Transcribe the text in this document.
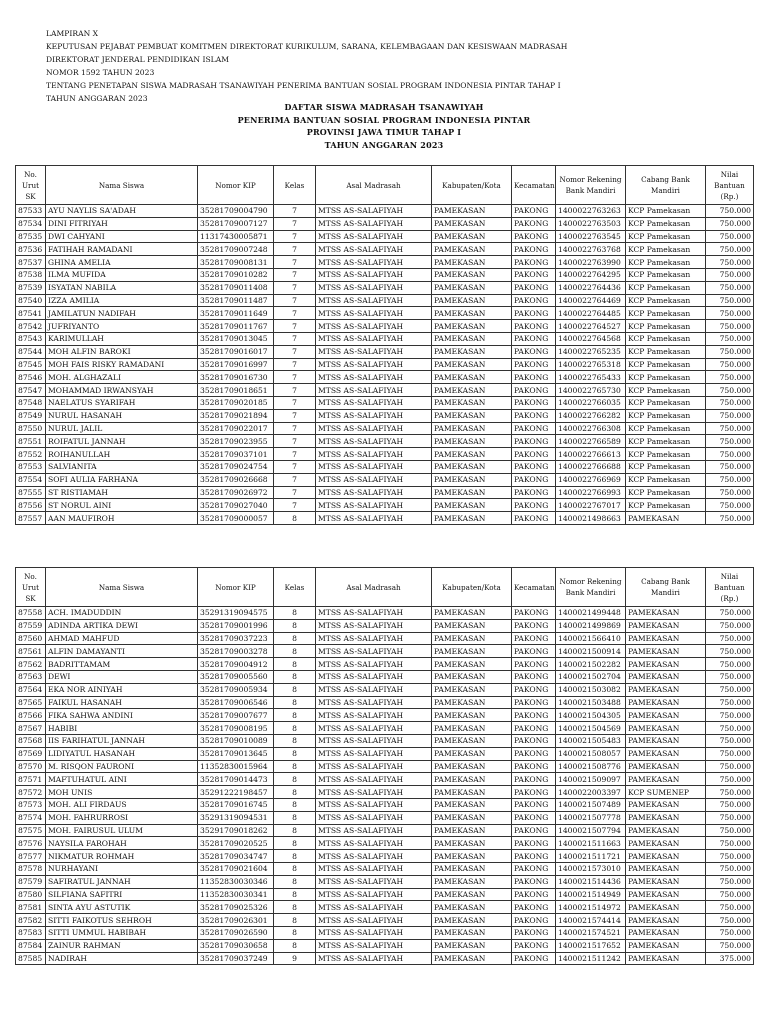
LAMPIRAN X
KEPUTUSAN PEJABAT PEMBUAT KOMITMEN DIREKTORAT KURIKULUM, SARANA, KELEMBAGAAN DAN KESISWAAN MADRASAH
DIREKTORAT JENDERAL PENDIDIKAN ISLAM
NOMOR 1592 TAHUN 2023
TENTANG PENETAPAN SISWA MADRASAH TSANAWIYAH PENERIMA BANTUAN SOSIAL PROGRAM INDONESIA PINTAR TAHAP I
TAHUN ANGGARAN 2023
DAFTAR SISWA MADRASAH TSANAWIYAH
PENERIMA BANTUAN SOSIAL PROGRAM INDONESIA PINTAR
PROVINSI JAWA TIMUR TAHAP I
TAHUN ANGGARAN 2023
No. Urut SK	Nama Siswa	Nomor KIP	Kelas	Asal Madrasah	Kabupaten/Kota	Kecamatan	Nomor Rekening Bank Mandiri	Cabang Bank Mandiri	Nilai Bantuan (Rp.)
87533	AYU NAYLIS SA'ADAH	35281709004790	7	MTSS AS-SALAFIYAH	PAMEKASAN	PAKONG	1400022763263	KCP Pamekasan	750.000
87534	DINI FITRIYAH	35281709007127	7	MTSS AS-SALAFIYAH	PAMEKASAN	PAKONG	1400022763503	KCP Pamekasan	750.000
87535	DWI CAHYANI	11317430005871	7	MTSS AS-SALAFIYAH	PAMEKASAN	PAKONG	1400022763545	KCP Pamekasan	750.000
87536	FATIHAH RAMADANI	35281709007248	7	MTSS AS-SALAFIYAH	PAMEKASAN	PAKONG	1400022763768	KCP Pamekasan	750.000
87537	GHINA AMELIA	35281709008131	7	MTSS AS-SALAFIYAH	PAMEKASAN	PAKONG	1400022763990	KCP Pamekasan	750.000
87538	ILMA MUFIDA	35281709010282	7	MTSS AS-SALAFIYAH	PAMEKASAN	PAKONG	1400022764295	KCP Pamekasan	750.000
87539	ISYATAN NABILA	35281709011408	7	MTSS AS-SALAFIYAH	PAMEKASAN	PAKONG	1400022764436	KCP Pamekasan	750.000
87540	IZZA AMILIA	35281709011487	7	MTSS AS-SALAFIYAH	PAMEKASAN	PAKONG	1400022764469	KCP Pamekasan	750.000
87541	JAMILATUN NADIFAH	35281709011649	7	MTSS AS-SALAFIYAH	PAMEKASAN	PAKONG	1400022764485	KCP Pamekasan	750.000
87542	JUFRIYANTO	35281709011767	7	MTSS AS-SALAFIYAH	PAMEKASAN	PAKONG	1400022764527	KCP Pamekasan	750.000
87543	KARIMULLAH	35281709013045	7	MTSS AS-SALAFIYAH	PAMEKASAN	PAKONG	1400022764568	KCP Pamekasan	750.000
87544	MOH ALFIN BAROKI	35281709016017	7	MTSS AS-SALAFIYAH	PAMEKASAN	PAKONG	1400022765235	KCP Pamekasan	750.000
87545	MOH FAIS RISKY RAMADANI	35281709016997	7	MTSS AS-SALAFIYAH	PAMEKASAN	PAKONG	1400022765318	KCP Pamekasan	750.000
87546	MOH. ALGHAZALI	35281709016730	7	MTSS AS-SALAFIYAH	PAMEKASAN	PAKONG	1400022765433	KCP Pamekasan	750.000
87547	MOHAMMAD IRWANSYAH	35281709018651	7	MTSS AS-SALAFIYAH	PAMEKASAN	PAKONG	1400022765730	KCP Pamekasan	750.000
87548	NAELATUS SYARIFAH	35281709020185	7	MTSS AS-SALAFIYAH	PAMEKASAN	PAKONG	1400022766035	KCP Pamekasan	750.000
87549	NURUL HASANAH	35281709021894	7	MTSS AS-SALAFIYAH	PAMEKASAN	PAKONG	1400022766282	KCP Pamekasan	750.000
87550	NURUL JALIL	35281709022017	7	MTSS AS-SALAFIYAH	PAMEKASAN	PAKONG	1400022766308	KCP Pamekasan	750.000
87551	ROIFATUL JANNAH	35281709023955	7	MTSS AS-SALAFIYAH	PAMEKASAN	PAKONG	1400022766589	KCP Pamekasan	750.000
87552	ROIHANULLAH	35281709037101	7	MTSS AS-SALAFIYAH	PAMEKASAN	PAKONG	1400022766613	KCP Pamekasan	750.000
87553	SALVIANITA	35281709024754	7	MTSS AS-SALAFIYAH	PAMEKASAN	PAKONG	1400022766688	KCP Pamekasan	750.000
87554	SOFI AULIA FARHANA	35281709026668	7	MTSS AS-SALAFIYAH	PAMEKASAN	PAKONG	1400022766969	KCP Pamekasan	750.000
87555	ST RISTIAMAH	35281709026972	7	MTSS AS-SALAFIYAH	PAMEKASAN	PAKONG	1400022766993	KCP Pamekasan	750.000
87556	ST NORUL AINI	35281709027040	7	MTSS AS-SALAFIYAH	PAMEKASAN	PAKONG	1400022767017	KCP Pamekasan	750.000
87557	AAN MAUFIROH	35281709000057	8	MTSS AS-SALAFIYAH	PAMEKASAN	PAKONG	1400021498663	PAMEKASAN	750.000
No. Urut SK	Nama Siswa	Nomor KIP	Kelas	Asal Madrasah	Kabupaten/Kota	Kecamatan	Nomor Rekening Bank Mandiri	Cabang Bank Mandiri	Nilai Bantuan (Rp.)
87558	ACH. IMADUDDIN	35291319094575	8	MTSS AS-SALAFIYAH	PAMEKASAN	PAKONG	1400021499448	PAMEKASAN	750.000
87559	ADINDA ARTIKA DEWI	35281709001996	8	MTSS AS-SALAFIYAH	PAMEKASAN	PAKONG	1400021499869	PAMEKASAN	750.000
87560	AHMAD MAHFUD	35281709037223	8	MTSS AS-SALAFIYAH	PAMEKASAN	PAKONG	1400021566410	PAMEKASAN	750.000
87561	ALFIN DAMAYANTI	35281709003278	8	MTSS AS-SALAFIYAH	PAMEKASAN	PAKONG	1400021500914	PAMEKASAN	750.000
87562	BADRITTAMAM	35281709004912	8	MTSS AS-SALAFIYAH	PAMEKASAN	PAKONG	1400021502282	PAMEKASAN	750.000
87563	DEWI	35281709005560	8	MTSS AS-SALAFIYAH	PAMEKASAN	PAKONG	1400021502704	PAMEKASAN	750.000
87564	EKA NOR AINIYAH	35281709005934	8	MTSS AS-SALAFIYAH	PAMEKASAN	PAKONG	1400021503082	PAMEKASAN	750.000
87565	FAIKUL HASANAH	35281709006546	8	MTSS AS-SALAFIYAH	PAMEKASAN	PAKONG	1400021503488	PAMEKASAN	750.000
87566	FIKA SAHWA ANDINI	35281709007677	8	MTSS AS-SALAFIYAH	PAMEKASAN	PAKONG	1400021504305	PAMEKASAN	750.000
87567	HABIBI	35281709008195	8	MTSS AS-SALAFIYAH	PAMEKASAN	PAKONG	1400021504569	PAMEKASAN	750.000
87568	IIS FARIHATUL JANNAH	35281709010089	8	MTSS AS-SALAFIYAH	PAMEKASAN	PAKONG	1400021505483	PAMEKASAN	750.000
87569	LIDIYATUL HASANAH	35281709013645	8	MTSS AS-SALAFIYAH	PAMEKASAN	PAKONG	1400021508057	PAMEKASAN	750.000
87570	M. RISQON FAURONI	11352830015964	8	MTSS AS-SALAFIYAH	PAMEKASAN	PAKONG	1400021508776	PAMEKASAN	750.000
87571	MAFTUHATUL AINI	35281709014473	8	MTSS AS-SALAFIYAH	PAMEKASAN	PAKONG	1400021509097	PAMEKASAN	750.000
87572	MOH UNIS	35291222198457	8	MTSS AS-SALAFIYAH	PAMEKASAN	PAKONG	1400022003397	KCP SUMENEP	750.000
87573	MOH. ALI FIRDAUS	35281709016745	8	MTSS AS-SALAFIYAH	PAMEKASAN	PAKONG	1400021507489	PAMEKASAN	750.000
87574	MOH. FAHRURROSI	35291319094531	8	MTSS AS-SALAFIYAH	PAMEKASAN	PAKONG	1400021507778	PAMEKASAN	750.000
87575	MOH. FAIRUSUL ULUM	35291709018262	8	MTSS AS-SALAFIYAH	PAMEKASAN	PAKONG	1400021507794	PAMEKASAN	750.000
87576	NAYSILA FAROHAH	35281709020525	8	MTSS AS-SALAFIYAH	PAMEKASAN	PAKONG	1400021511663	PAMEKASAN	750.000
87577	NIKMATUR ROHMAH	35281709034747	8	MTSS AS-SALAFIYAH	PAMEKASAN	PAKONG	1400021511721	PAMEKASAN	750.000
87578	NURHAYANI	35281709021604	8	MTSS AS-SALAFIYAH	PAMEKASAN	PAKONG	1400021573010	PAMEKASAN	750.000
87579	SAFIRATUL JANNAH	11352830030346	8	MTSS AS-SALAFIYAH	PAMEKASAN	PAKONG	1400021514436	PAMEKASAN	750.000
87580	SILFIANA SAFITRI	11352830030341	8	MTSS AS-SALAFIYAH	PAMEKASAN	PAKONG	1400021514949	PAMEKASAN	750.000
87581	SINTA AYU ASTUTIK	35281709025326	8	MTSS AS-SALAFIYAH	PAMEKASAN	PAKONG	1400021514972	PAMEKASAN	750.000
87582	SITTI FAIKOTUS SEHROH	35281709026301	8	MTSS AS-SALAFIYAH	PAMEKASAN	PAKONG	1400021574414	PAMEKASAN	750.000
87583	SITTI UMMUL HABIBAH	35281709026590	8	MTSS AS-SALAFIYAH	PAMEKASAN	PAKONG	1400021574521	PAMEKASAN	750.000
87584	ZAINUR RAHMAN	35281709030658	8	MTSS AS-SALAFIYAH	PAMEKASAN	PAKONG	1400021517652	PAMEKASAN	750.000
87585	NADIRAH	35281709037249	9	MTSS AS-SALAFIYAH	PAMEKASAN	PAKONG	1400021511242	PAMEKASAN	375.000
